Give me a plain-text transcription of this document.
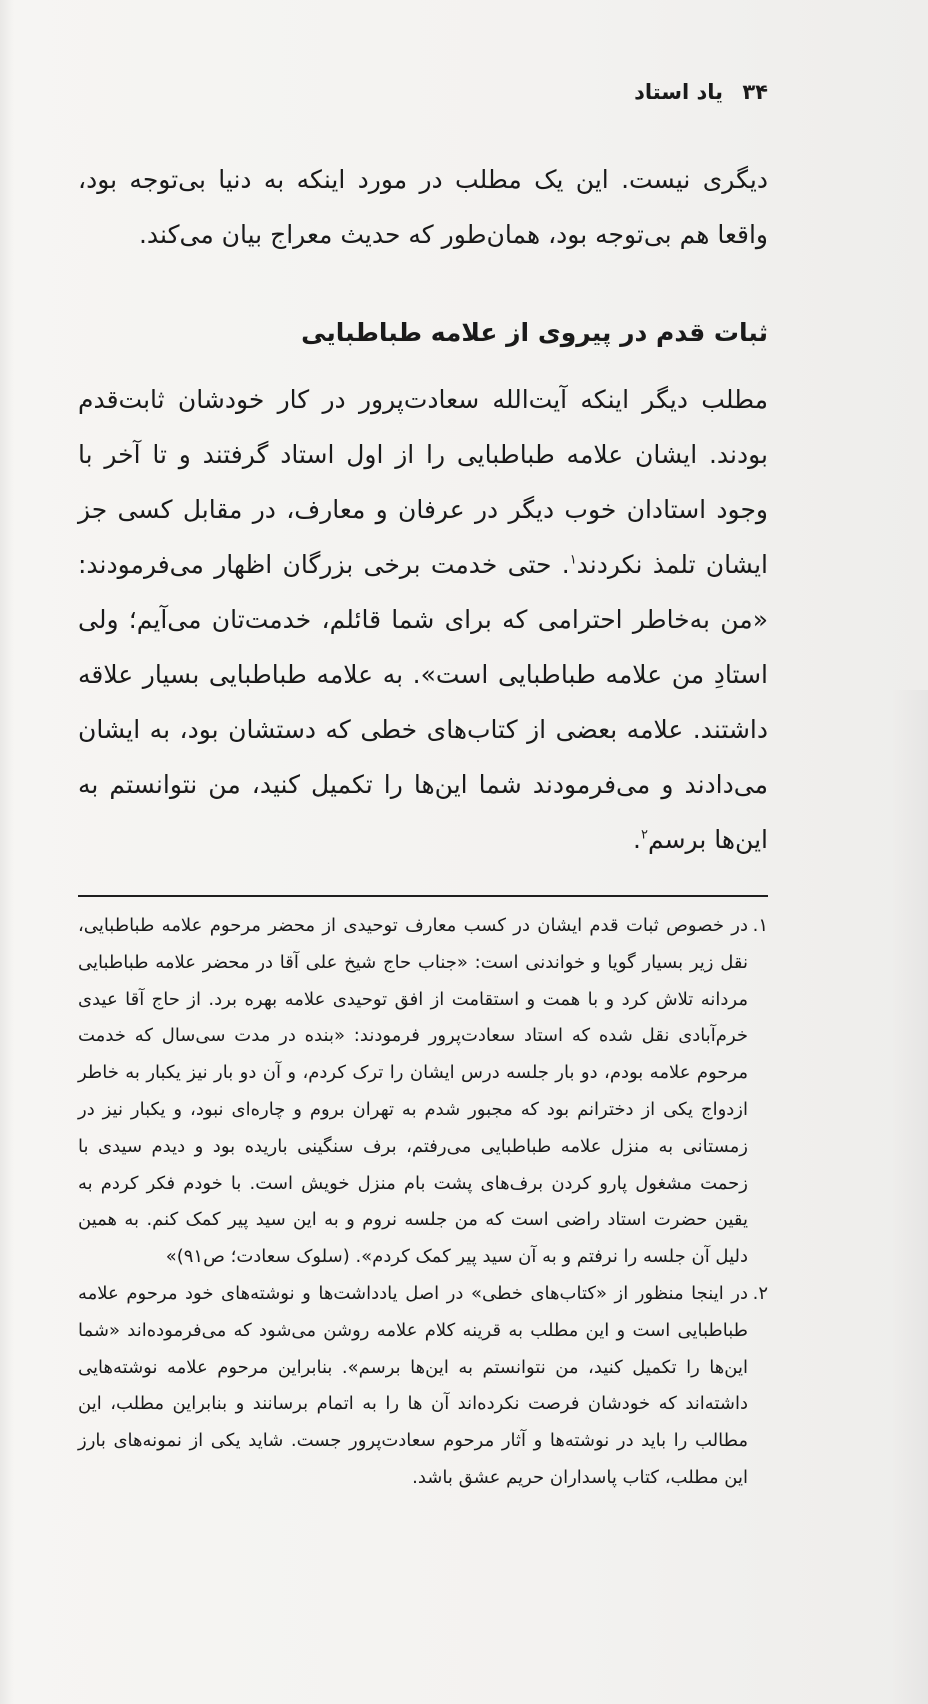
۳۴ یاد استاد

دیگری نیست. این یک مطلب در مورد اینکه به دنیا بی‌توجه بود، واقعا هم بی‌توجه بود، همان‌طور که حدیث معراج بیان می‌کند.

ثبات قدم در پیروی از علامه طباطبایی

مطلب دیگر اینکه آیت‌الله سعادت‌پرور در کار خودشان ثابت‌قدم بودند. ایشان علامه طباطبایی را از اول استاد گرفتند و تا آخر با وجود استادان خوب دیگر در عرفان و معارف، در مقابل کسی جز ایشان تلمذ نکردند$^۱$. حتی خدمت برخی بزرگان اظهار می‌فرمودند: «من به‌خاطر احترامی که برای شما قائلم، خدمت‌تان می‌آیم؛ ولی استادِ من علامه طباطبایی است». به علامه طباطبایی بسیار علاقه داشتند. علامه بعضی از کتاب‌های خطی که دستشان بود، به ایشان می‌دادند و می‌فرمودند شما این‌ها را تکمیل کنید، من نتوانستم به این‌ها برسم$^۲$.

۱.
در خصوص ثبات قدم ایشان در کسب معارف توحیدی از محضر مرحوم علامه طباطبایی، نقل زیر بسیار گویا و خواندنی است: «جناب حاج شیخ علی آقا در محضر علامه طباطبایی مردانه تلاش کرد و با همت و استقامت از افق توحیدی علامه بهره برد. از حاج آقا عیدی خرم‌آبادی نقل شده که استاد سعادت‌پرور فرمودند: «بنده در مدت سی‌سال که خدمت مرحوم علامه بودم، دو بار جلسه درس ایشان را ترک کردم، و آن دو بار نیز یکبار به خاطر ازدواج یکی از دخترانم بود که مجبور شدم به تهران بروم و چاره‌ای نبود، و یکبار نیز در زمستانی به منزل علامه طباطبایی می‌رفتم، برف سنگینی باریده بود و دیدم سیدی با زحمت مشغول پارو کردن برف‌های پشت بام منزل خویش است. با خودم فکر کردم به یقین حضرت استاد راضی است که من جلسه نروم و به این سید پیر کمک کنم. به همین دلیل آن جلسه را نرفتم و به آن سید پیر کمک کردم». (سلوک سعادت؛ ص۹۱)»

۲.
در اینجا منظور از «کتاب‌های خطی» در اصل یادداشت‌ها و نوشته‌های خود مرحوم علامه طباطبایی است و این مطلب به قرینه کلام علامه روشن می‌شود که می‌فرموده‌اند «شما این‌ها را تکمیل کنید، من نتوانستم به این‌ها برسم». بنابراین مرحوم علامه نوشته‌هایی داشته‌اند که خودشان فرصت نکرده‌اند آن ها را به اتمام برسانند و بنابراین مطلب، این مطالب را باید در نوشته‌ها و آثار مرحوم سعادت‌پرور جست. شاید یکی از نمونه‌های بارز این مطلب، کتاب پاسداران حریم عشق باشد.
